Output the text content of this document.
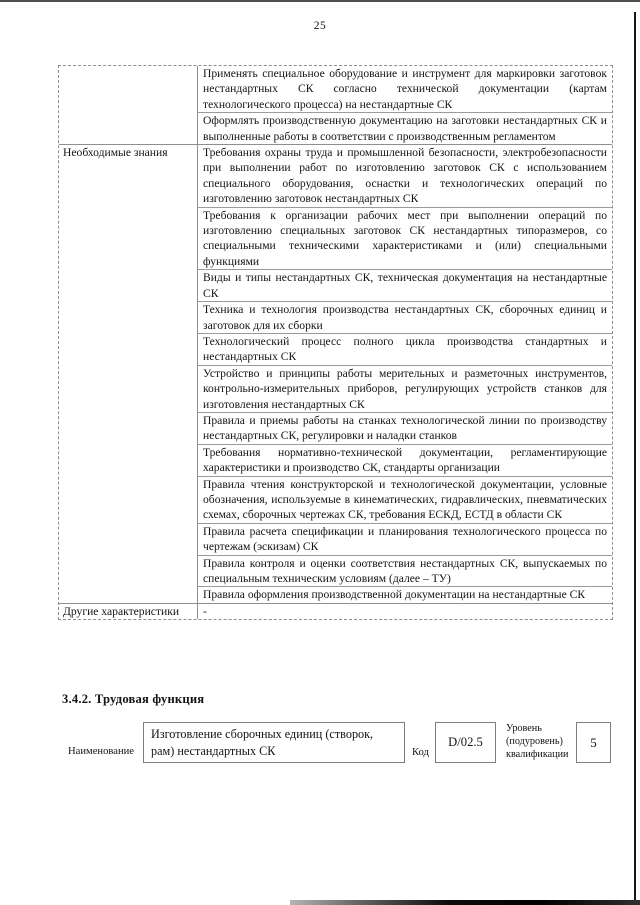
25
Применять специальное оборудование и инструмент для маркировки заготовок нестандартных СК согласно технической документации (картам технологического процесса) на нестандартные СК
Оформлять производственную документацию на заготовки нестандартных СК и выполненные работы в соответствии с производственным регламентом
Необходимые знания	Требования охраны труда и промышленной безопасности, электробезопасности при выполнении работ по изготовлению заготовок СК с использованием специального оборудования, оснастки и технологических операций по изготовлению заготовок нестандартных СК
Требования к организации рабочих мест при выполнении операций по изготовлению специальных заготовок СК нестандартных типоразмеров, со специальными техническими характеристиками и (или) специальными функциями
Виды и типы нестандартных СК, техническая документация на нестандартные СК
Техника и технология производства нестандартных СК, сборочных единиц и заготовок для их сборки
Технологический процесс полного цикла производства стандартных и нестандартных СК
Устройство и принципы работы мерительных и разметочных инструментов, контрольно-измерительных приборов, регулирующих устройств станков для изготовления нестандартных СК
Правила и приемы работы на станках технологической линии по производству нестандартных СК, регулировки и наладки станков
Требования нормативно-технической документации, регламентирующие характеристики и производство СК, стандарты организации
Правила чтения конструкторской и технологической документации, условные обозначения, используемые в кинематических, гидравлических, пневматических схемах, сборочных чертежах СК, требования ЕСКД, ЕСТД в области СК
Правила расчета спецификации и планирования технологического процесса по чертежам (эскизам) СК
Правила контроля и оценки соответствия нестандартных СК, выпускаемых по специальным техническим условиям (далее – ТУ)
Правила оформления производственной документации на нестандартные СК
Другие характеристики	-
3.4.2. Трудовая функция
Наименование
Изготовление сборочных единиц (створок, рам) нестандартных СК	Код
D/02.5
Уровень (подуровень) квалификации
5
